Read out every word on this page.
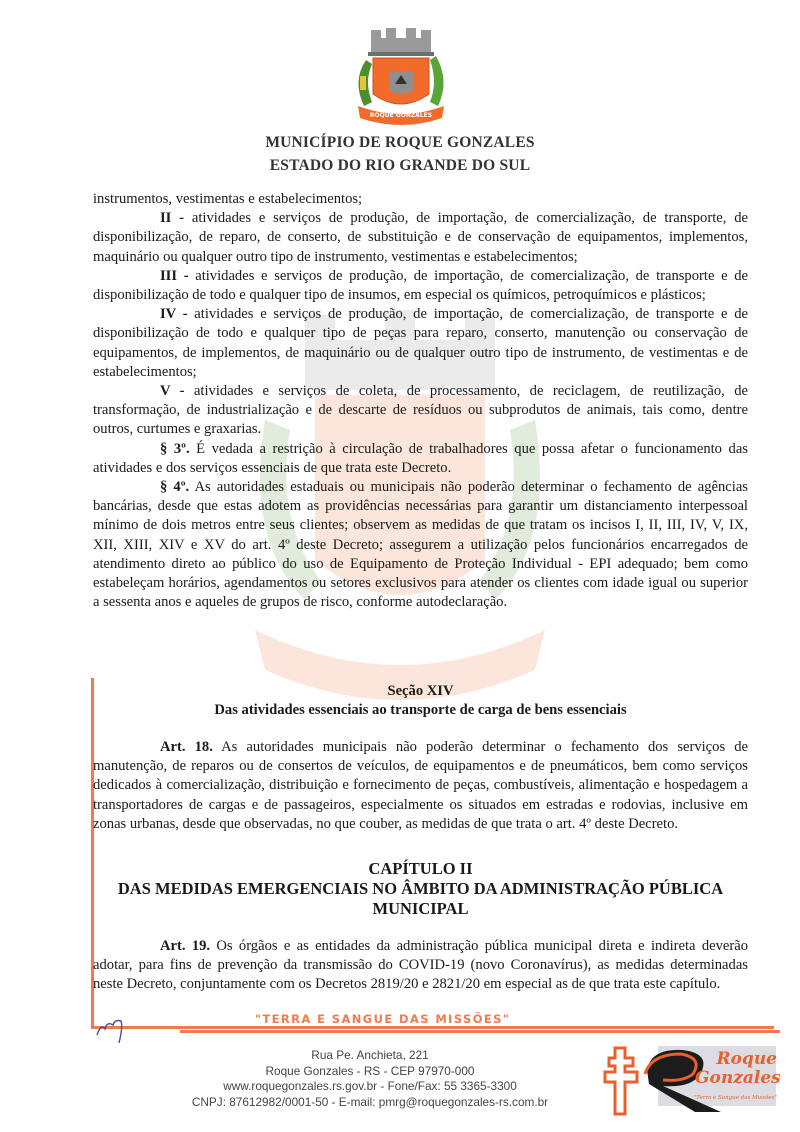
ROQUE GONZALES
MUNICÍPIO DE ROQUE GONZALES
ESTADO DO RIO GRANDE DO SUL

instrumentos, vestimentas e estabelecimentos;

II - atividades e serviços de produção, de importação, de comercialização, de transporte, de disponibilização, de reparo, de conserto, de substituição e de conservação de equipamentos, implementos, maquinário ou qualquer outro tipo de instrumento, vestimentas e estabelecimentos;

III - atividades e serviços de produção, de importação, de comercialização, de transporte e de disponibilização de todo e qualquer tipo de insumos, em especial os químicos, petroquímicos e plásticos;

IV - atividades e serviços de produção, de importação, de comercialização, de transporte e de disponibilização de todo e qualquer tipo de peças para reparo, conserto, manutenção ou conservação de equipamentos, de implementos, de maquinário ou de qualquer outro tipo de instrumento, de vestimentas e de estabelecimentos;

V - atividades e serviços de coleta, de processamento, de reciclagem, de reutilização, de transformação, de industrialização e de descarte de resíduos ou subprodutos de animais, tais como, dentre outros, curtumes e graxarias.

§ 3º. É vedada a restrição à circulação de trabalhadores que possa afetar o funcionamento das atividades e dos serviços essenciais de que trata este Decreto.

§ 4º. As autoridades estaduais ou municipais não poderão determinar o fechamento de agências bancárias, desde que estas adotem as providências necessárias para garantir um distanciamento interpessoal mínimo de dois metros entre seus clientes; observem as medidas de que tratam os incisos I, II, III, IV, V, IX, XII, XIII, XIV e XV do art. 4º deste Decreto; assegurem a utilização pelos funcionários encarregados de atendimento direto ao público do uso de Equipamento de Proteção Individual - EPI adequado; bem como estabeleçam horários, agendamentos ou setores exclusivos para atender os clientes com idade igual ou superior a sessenta anos e aqueles de grupos de risco, conforme autodeclaração.

Seção XIV
Das atividades essenciais ao transporte de carga de bens essenciais

Art. 18. As autoridades municipais não poderão determinar o fechamento dos serviços de manutenção, de reparos ou de consertos de veículos, de equipamentos e de pneumáticos, bem como serviços dedicados à comercialização, distribuição e fornecimento de peças, combustíveis, alimentação e hospedagem a transportadores de cargas e de passageiros, especialmente os situados em estradas e rodovias, inclusive em zonas urbanas, desde que observadas, no que couber, as medidas de que trata o art. 4º deste Decreto.

CAPÍTULO II
DAS MEDIDAS EMERGENCIAIS NO ÂMBITO DA ADMINISTRAÇÃO PÚBLICA
MUNICIPAL

Art. 19. Os órgãos e as entidades da administração pública municipal direta e indireta deverão adotar, para fins de prevenção da transmissão do COVID-19 (novo Coronavírus), as medidas determinadas neste Decreto, conjuntamente com os Decretos 2819/20 e 2821/20 em especial as de que trata este capítulo.

"TERRA E SANGUE DAS MISSÕES"
Rua Pe. Anchieta, 221
Roque Gonzales - RS - CEP 97970-000
www.roquegonzales.rs.gov.br - Fone/Fax: 55 3365-3300
CNPJ: 87612982/0001-50 - E-mail: pmrg@roquegonzales-rs.com.br
Roque
Gonzales
"Terra e Sangue das Missões"
